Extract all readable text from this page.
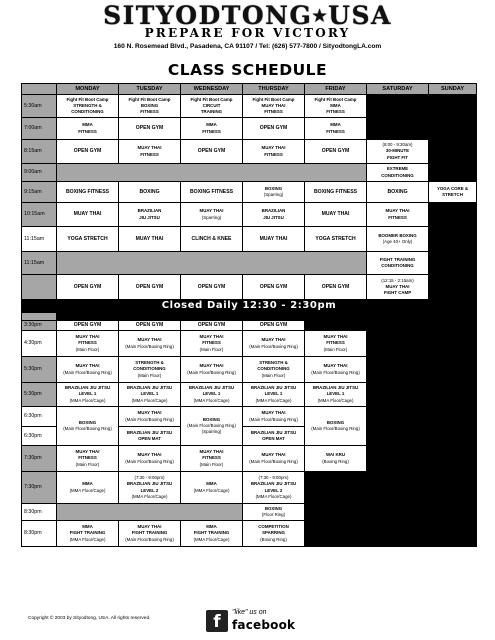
SITYODTONG★USA
PREPARE FOR VICTORY
160 N. Rosemead Blvd., Pasadena, CA 91107 / Tel: (626) 577-7800 / SityodtongLA.com
CLASS SCHEDULE
	MONDAY	TUESDAY	WEDNESDAY	THURSDAY	FRIDAY	SATURDAY	SUNDAY
5:30am	Fight Fit Boot Camp
STRENGTH &
CONDITIONING	Fight Fit Boot Camp
BOXING
FITNESS	Fight Fit Boot Camp
CIRCUIT
TRAINING	Fight Fit Boot Camp
MUAY THAI
FITNESS	Fight Fit Boot Camp
MMA
FITNESS		

7:00am	MMA
FITNESS	OPEN GYM	MMA
FITNESS	OPEN GYM	MMA
FITNESS		

8:15am	OPEN GYM	MUAY THAI
FITNESS	OPEN GYM	MUAY THAI
FITNESS	OPEN GYM	(8:00 - 9:30am)
30-MINUTE
FIGHT FIT	

9:00am						EXTREME
CONDITIONING	

9:15am	BOXING FITNESS	BOXING	BOXING FITNESS	BOXING
(Sparring)	BOXING FITNESS	BOXING	YOGA CORE &
STRETCH

10:15am	MUAY THAI	BRAZILIAN
JIU JITSU	MUAY THAI
(Sparring)	BRAZILIAN
JIU JITSU	MUAY THAI	MUAY THAI
FITNESS	

11:15am	YOGA STRETCH	MUAY THAI	CLINCH & KNEE	MUAY THAI	YOGA STRETCH	BOOMER BOXING
(Age 40+ Only)	

11:15am						FIGHT TRAINING
CONDITIONING	

	OPEN GYM	OPEN GYM	OPEN GYM	OPEN GYM	OPEN GYM	(12:15 - 2:15am)
MUAY THAI
FIGHT CAMP	

Closed Daily 12:30 - 2:30pm							

3:30pm	OPEN GYM	OPEN GYM	OPEN GYM	OPEN GYM			
4:30pm	MUAY THAI
FITNESS
(Main Floor)	MUAY THAI
(Main Floor/Boxing Ring)	MUAY THAI
FITNESS
(Main Floor)	MUAY THAI
(Main Floor/Boxing Ring)	MUAY THAI
FITNESS
(Main Floor)		

5:30pm	MUAY THAI
(Main Floor/Boxing Ring)	STRENGTH &
CONDITIONING
(Main Floor)	MUAY THAI
(Main Floor/Boxing Ring)	STRENGTH &
CONDITIONING
(Main Floor)	MUAY THAI
(Main Floor/Boxing Ring)		

5:30pm	BRAZILIAN JIU JITSU
LEVEL 1
(MMA Floor/Cage)	BRAZILIAN JIU JITSU
LEVEL 1
(MMA Floor/Cage)	BRAZILIAN JIU JITSU
LEVEL 1
(MMA Floor/Cage)	BRAZILIAN JIU JITSU
LEVEL 1
(MMA Floor/Cage)	BRAZILIAN JIU JITSU
LEVEL 1
(MMA Floor/Cage)		

6:30pm	BOXING
(Main Floor/Boxing Ring)	MUAY THAI
(Main Floor/Boxing Ring)	BOXING
(Main Floor/Boxing Ring)
(Sparring)	MUAY THAI
(Main Floor/Boxing Ring)	BOXING
(Main Floor/Boxing Ring)		

6:30pm		BRAZILIAN JIU JITSU
OPEN MAT		BRAZILIAN JIU JITSU
OPEN MAT			

7:30pm	MUAY THAI
FITNESS
(Main Floor)	MUAY THAI
(Main Floor/Boxing Ring)	MUAY THAI
FITNESS
(Main Floor)	MUAY THAI
(Main Floor/Boxing Ring)	WAI KRU
(Boxing Ring)		

7:30pm	MMA
(MMA Floor/Cage)	(7:30 - 9:00pm)
BRAZILIAN JIU JITSU
LEVEL 2
(MMA Floor/Cage)	MMA
(MMA Floor/Cage)	(7:30 - 9:00pm)
BRAZILIAN JIU JITSU
LEVEL 2
(MMA Floor/Cage)			

8:30pm				BOXING
(Floor Ring)			

8:30pm	MMA
FIGHT TRAINING
(MMA Floor/Cage)	MUAY THAI
FIGHT TRAINING
(Main Floor/Boxing Ring)	MMA
FIGHT TRAINING
(MMA Floor/Cage)	COMPETITION
SPARRING
(Boxing Ring)			

Copyright © 2003 by Sityodtong, USA. All rights reserved.	f	"like" us on
facebook
